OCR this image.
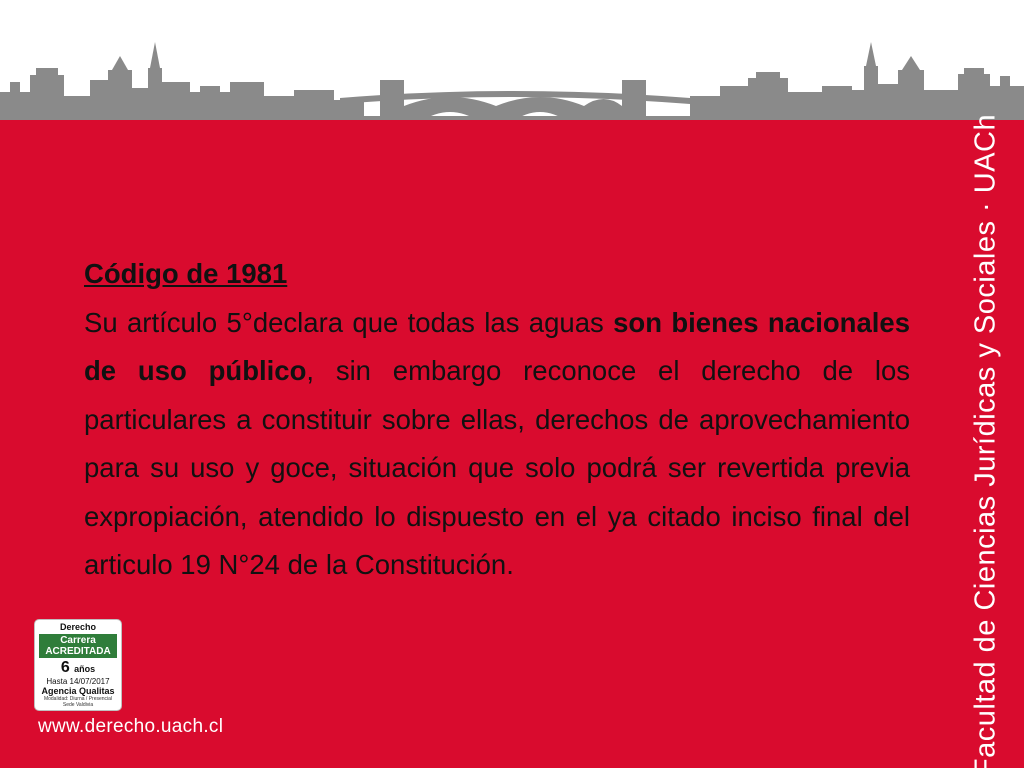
Código de 1981
Su artículo 5°declara que todas las aguas son bienes nacionales de uso público, sin embargo reconoce el derecho de los particulares a constituir sobre ellas, derechos de aprovechamiento para su uso y goce, situación que solo podrá ser revertida previa expropiación, atendido lo dispuesto en el ya citado inciso final del articulo 19 N°24 de la Constitución.	Facultad de Ciencias Jurídicas y Sociales · UACh
Derecho
Carrera
ACREDITADA
6 años
Hasta 14/07/2017
Agencia Qualitas
Modalidad: Diurna / Presencial
Sede Valdivia
www.derecho.uach.cl
